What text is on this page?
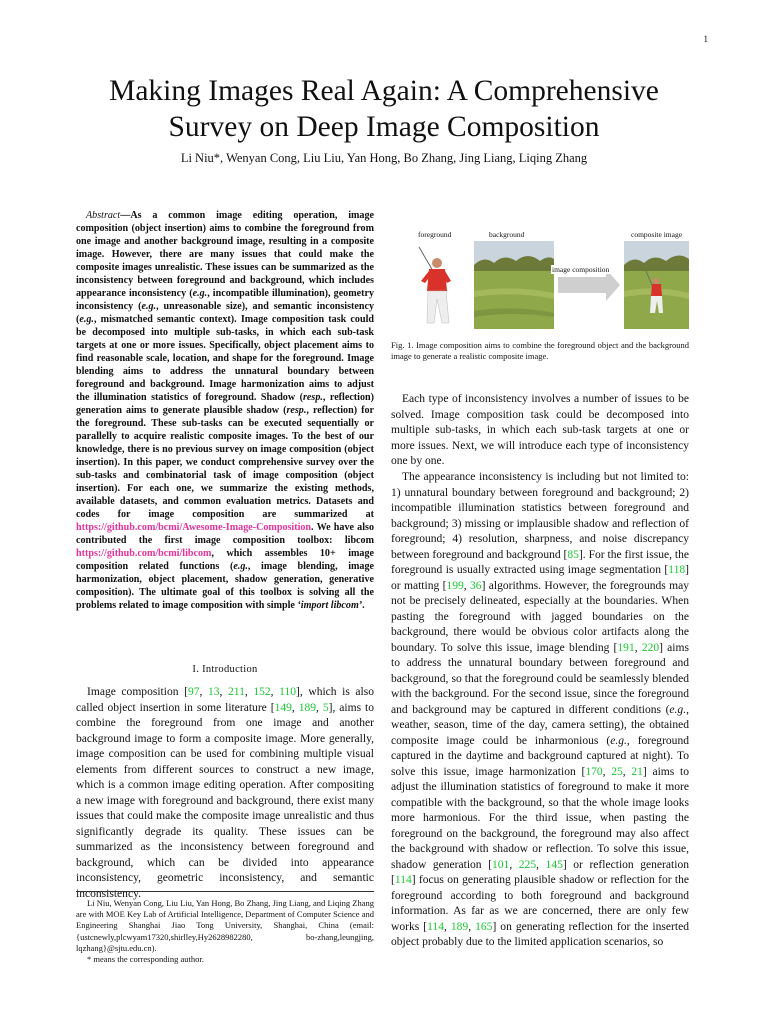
1
Making Images Real Again: A Comprehensive
Survey on Deep Image Composition
Li Niu*, Wenyan Cong, Liu Liu, Yan Hong, Bo Zhang, Jing Liang, Liqing Zhang

Abstract—As a common image editing operation, image composition (object insertion) aims to combine the foreground from one image and another background image, resulting in a composite image. However, there are many issues that could make the composite images unrealistic. These issues can be summarized as the inconsistency between foreground and background, which includes appearance inconsistency (e.g., incompatible illumination), geometry inconsistency (e.g., unreasonable size), and semantic inconsistency (e.g., mismatched semantic context). Image composition task could be decomposed into multiple sub-tasks, in which each sub-task targets at one or more issues. Specifically, object placement aims to find reasonable scale, location, and shape for the foreground. Image blending aims to address the unnatural boundary between foreground and background. Image harmonization aims to adjust the illumination statistics of foreground. Shadow (resp., reflection) generation aims to generate plausible shadow (resp., reflection) for the foreground. These sub-tasks can be executed sequentially or parallelly to acquire realistic composite images. To the best of our knowledge, there is no previous survey on image composition (object insertion). In this paper, we conduct comprehensive survey over the sub-tasks and combinatorial task of image composition (object insertion). For each one, we summarize the existing methods, available datasets, and common evaluation metrics. Datasets and codes for image composition are summarized at https://github.com/bcmi/Awesome-Image-Composition. We have also contributed the first image composition toolbox: libcom https://github.com/bcmi/libcom, which assembles 10+ image composition related functions (e.g., image blending, image harmonization, object placement, shadow generation, generative composition). The ultimate goal of this toolbox is solving all the problems related to image composition with simple ‘import libcom’.

I. Introduction

Image composition [97, 13, 211, 152, 110], which is also called object insertion in some literature [149, 189, 5], aims to combine the foreground from one image and another background image to form a composite image. More generally, image composition can be used for combining multiple visual elements from different sources to construct a new image, which is a common image editing operation. After compositing a new image with foreground and background, there exist many issues that could make the composite image unrealistic and thus significantly degrade its quality. These issues can be summarized as the inconsistency between foreground and background, which can be divided into appearance inconsistency, geometric inconsistency, and semantic inconsistency.

Li Niu, Wenyan Cong, Liu Liu, Yan Hong, Bo Zhang, Jing Liang, and Liqing Zhang are with MOE Key Lab of Artificial Intelligence, Department of Computer Science and Engineering Shanghai Jiao Tong University, Shanghai, China (email: {ustcnewly,plcwyam17320,shirlley,Hy2628982280, bo-zhang,leungjing, lqzhang}@sjtu.edu.cn).

* means the corresponding author.

foreground	background	composite image
image composition

Fig. 1. Image composition aims to combine the foreground object and the background image to generate a realistic composite image.

Each type of inconsistency involves a number of issues to be solved. Image composition task could be decomposed into multiple sub-tasks, in which each sub-task targets at one or more issues. Next, we will introduce each type of inconsistency one by one.

The appearance inconsistency is including but not limited to: 1) unnatural boundary between foreground and background; 2) incompatible illumination statistics between foreground and background; 3) missing or implausible shadow and reflection of foreground; 4) resolution, sharpness, and noise discrepancy between foreground and background [85]. For the first issue, the foreground is usually extracted using image segmentation [118] or matting [199, 36] algorithms. However, the foregrounds may not be precisely delineated, especially at the boundaries. When pasting the foreground with jagged boundaries on the background, there would be obvious color artifacts along the boundary. To solve this issue, image blending [191, 220] aims to address the unnatural boundary between foreground and background, so that the foreground could be seamlessly blended with the background. For the second issue, since the foreground and background may be captured in different conditions (e.g., weather, season, time of the day, camera setting), the obtained composite image could be inharmonious (e.g., foreground captured in the daytime and background captured at night). To solve this issue, image harmonization [170, 25, 21] aims to adjust the illumination statistics of foreground to make it more compatible with the background, so that the whole image looks more harmonious. For the third issue, when pasting the foreground on the background, the foreground may also affect the background with shadow or reflection. To solve this issue, shadow generation [101, 225, 145] or reflection generation [114] focus on generating plausible shadow or reflection for the foreground according to both foreground and background information. As far as we are concerned, there are only few works [114, 189, 165] on generating reflection for the inserted object probably due to the limited application scenarios, so
